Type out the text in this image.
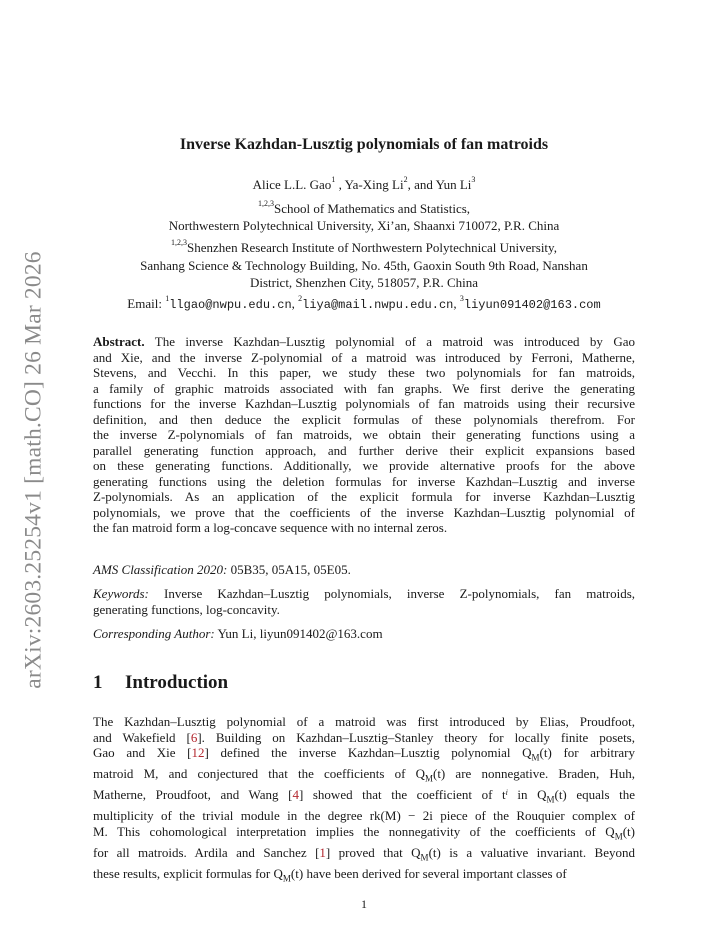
arXiv:2603.25254v1 [math.CO] 26 Mar 2026
Inverse Kazhdan-Lusztig polynomials of fan matroids
Alice L.L. Gao$^1$ , Ya-Xing Li$^2$, and Yun Li$^3$
$^{1,2,3}$School of Mathematics and Statistics,
Northwestern Polytechnical University, Xi’an, Shaanxi 710072, P.R. China
$^{1,2,3}$Shenzhen Research Institute of Northwestern Polytechnical University,
Sanhang Science & Technology Building, No. 45th, Gaoxin South 9th Road, Nanshan
District, Shenzhen City, 518057, P.R. China
Email: $^1$llgao@nwpu.edu.cn, $^2$liya@mail.nwpu.edu.cn, $^3$liyun091402@163.com
Abstract. The inverse Kazhdan–Lusztig polynomial of a matroid was introduced by Gao
and Xie, and the inverse Z-polynomial of a matroid was introduced by Ferroni, Matherne,
Stevens, and Vecchi. In this paper, we study these two polynomials for fan matroids,
a family of graphic matroids associated with fan graphs. We first derive the generating
functions for the inverse Kazhdan–Lusztig polynomials of fan matroids using their recursive
definition, and then deduce the explicit formulas of these polynomials therefrom. For
the inverse Z-polynomials of fan matroids, we obtain their generating functions using a
parallel generating function approach, and further derive their explicit expansions based
on these generating functions. Additionally, we provide alternative proofs for the above
generating functions using the deletion formulas for inverse Kazhdan–Lusztig and inverse
Z-polynomials. As an application of the explicit formula for inverse Kazhdan–Lusztig
polynomials, we prove that the coefficients of the inverse Kazhdan–Lusztig polynomial of
the fan matroid form a log-concave sequence with no internal zeros.
AMS Classification 2020: 05B35, 05A15, 05E05.
Keywords: Inverse Kazhdan–Lusztig polynomials, inverse Z-polynomials, fan matroids,
generating functions, log-concavity.
Corresponding Author: Yun Li, liyun091402@163.com
1 Introduction
The Kazhdan–Lusztig polynomial of a matroid was first introduced by Elias, Proudfoot,
and Wakefield [6]. Building on Kazhdan–Lusztig–Stanley theory for locally finite posets,
Gao and Xie [12] defined the inverse Kazhdan–Lusztig polynomial $Q_M(t)$ for arbitrary
matroid M, and conjectured that the coefficients of $Q_M(t)$ are nonnegative. Braden, Huh,
Matherne, Proudfoot, and Wang [4] showed that the coefficient of $t^i$ in $Q_M(t)$ equals the
multiplicity of the trivial module in the degree rk(M) − 2i piece of the Rouquier complex of
M. This cohomological interpretation implies the nonnegativity of the coefficients of $Q_M(t)$
for all matroids. Ardila and Sanchez [1] proved that $Q_M(t)$ is a valuative invariant. Beyond
these results, explicit formulas for $Q_M(t)$ have been derived for several important classes of
1
